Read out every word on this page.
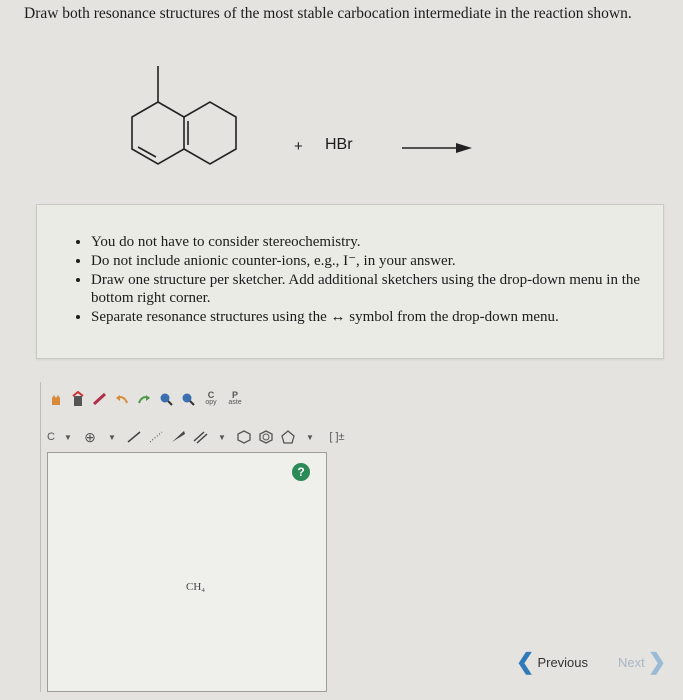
Draw both resonance structures of the most stable carbocation intermediate in the reaction shown.
+ HBr
• You do not have to consider stereochemistry.
• Do not include anionic counter-ions, e.g., I⁻, in your answer.
• Draw one structure per sketcher. Add additional sketchers using the drop-down menu in the bottom right corner.
• Separate resonance structures using the ↔ symbol from the drop-down menu.
C
opy
P
aste
C	▼ ⊕	▼	▼	▼	[ ]±
?
CH₄
❮ Previous Next ❯
